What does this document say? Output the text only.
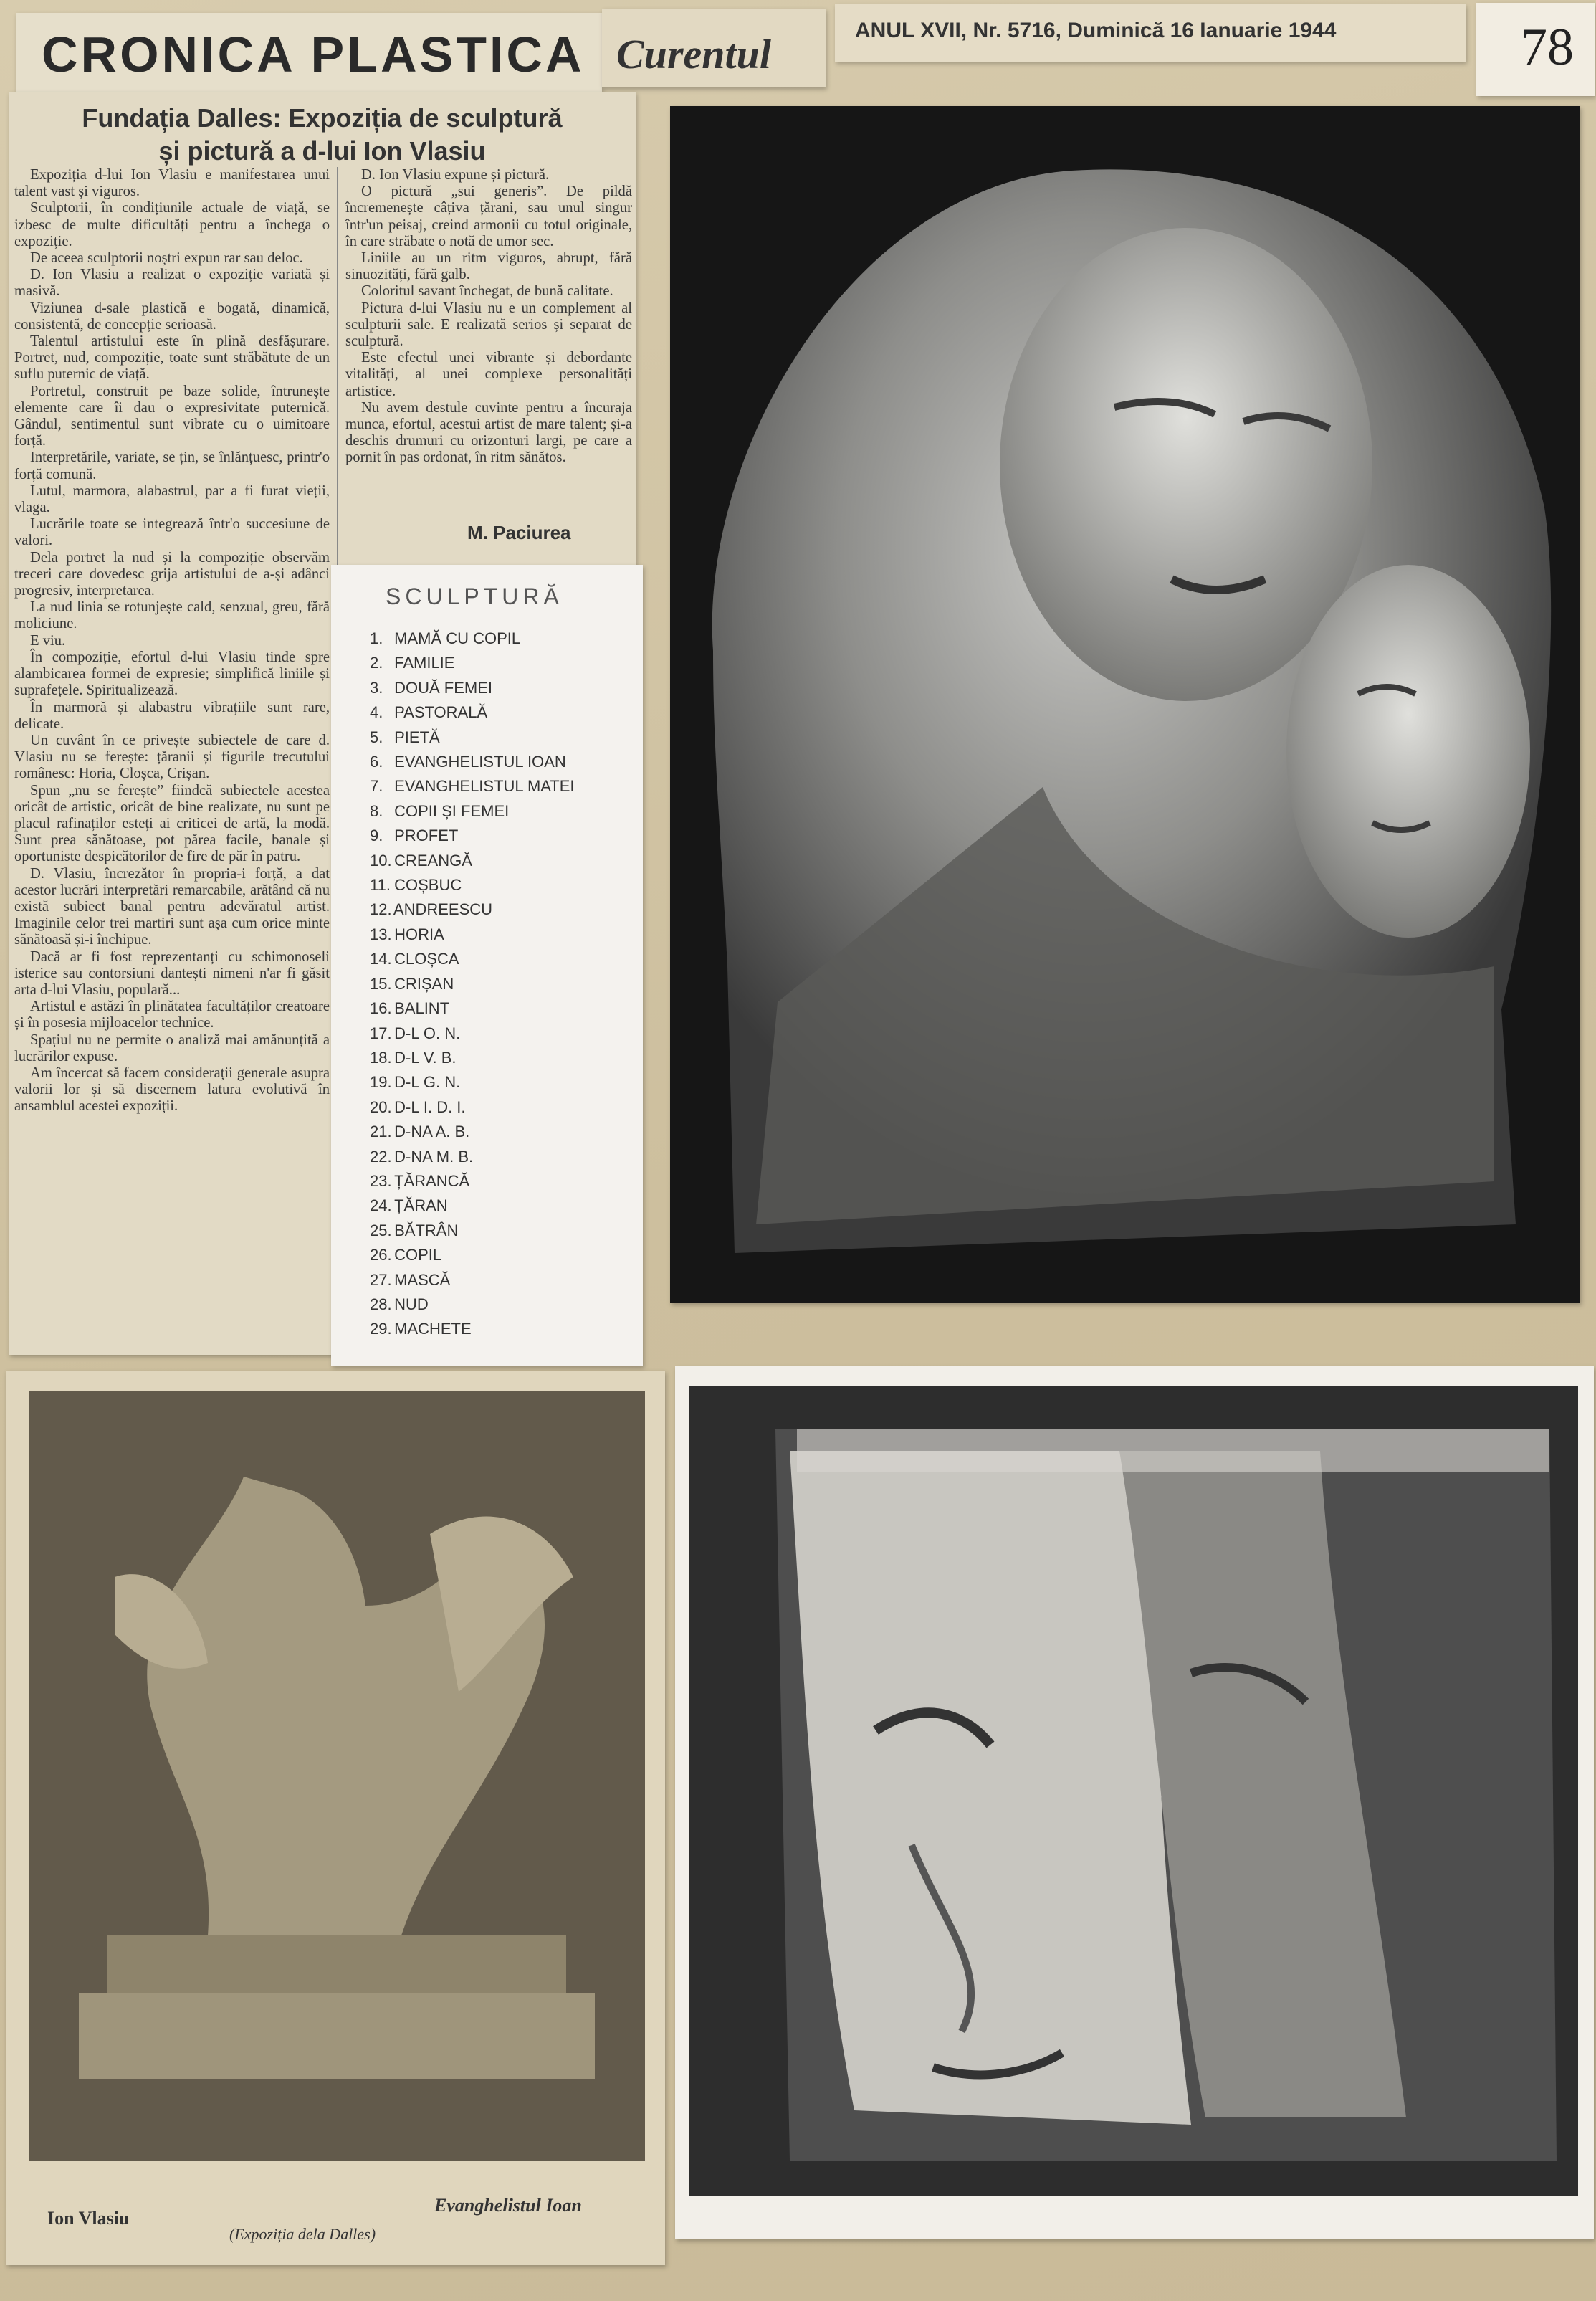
CRONICA PLASTICA Curentul
ANUL XVII, Nr. 5716, Duminică 16 Ianuarie 1944	78
Fundația Dalles: Expoziția de sculptură
și pictură a d-lui Ion Vlasiu

Expoziția d-lui Ion Vlasiu e manifestarea unui talent vast și viguros.

Sculptorii, în condițiunile actuale de viață, se izbesc de multe dificultăți pentru a închega o expoziție.

De aceea sculptorii noștri expun rar sau deloc.

D. Ion Vlasiu a realizat o expoziție variată și masivă.

Viziunea d-sale plastică e bogată, dinamică, consistentă, de concepție serioasă.

Talentul artistului este în plină desfășurare. Portret, nud, compoziție, toate sunt străbătute de un suflu puternic de viață.

Portretul, construit pe baze solide, întrunește elemente care îi dau o expresivitate puternică. Gândul, sentimentul sunt vibrate cu o uimitoare forță.

Interpretările, variate, se țin, se înlănțuesc, printr'o forță comună.

Lutul, marmora, alabastrul, par a fi furat vieții, vlaga.

Lucrările toate se integrează într'o succesiune de valori.

Dela portret la nud și la compoziție observăm treceri care dovedesc grija artistului de a-și adânci progresiv, interpretarea.

La nud linia se rotunjește cald, senzual, greu, fără moliciune.

E viu.

În compoziție, efortul d-lui Vlasiu tinde spre alambicarea formei de expresie; simplifică liniile și suprafețele. Spiritualizează.

În marmoră și alabastru vibrațiile sunt rare, delicate.

Un cuvânt în ce privește subiectele de care d. Vlasiu nu se ferește: țăranii și figurile trecutului românesc: Horia, Cloșca, Crișan.

Spun „nu se ferește” fiindcă subiectele acestea oricât de artistic, oricât de bine realizate, nu sunt pe placul rafinaților esteți ai criticei de artă, la modă. Sunt prea sănătoase, pot părea facile, banale și oportuniste despicătorilor de fire de păr în patru.

D. Vlasiu, încrezător în propria-i forță, a dat acestor lucrări interpretări remarcabile, arătând că nu există subiect banal pentru adevăratul artist. Imaginile celor trei martiri sunt așa cum orice minte sănătoasă și-i închipue.

Dacă ar fi fost reprezentanți cu schimonoseli isterice sau contorsiuni dantești nimeni n'ar fi găsit arta d-lui Vlasiu, populară...

Artistul e astăzi în plinătatea facultăților creatoare și în posesia mijloacelor technice.

Spațiul nu ne permite o analiză mai amănunțită a lucrărilor expuse.

Am încercat să facem considerații generale asupra valorii lor și să discernem latura evolutivă în ansamblul acestei expoziții.

D. Ion Vlasiu expune și pictură.

O pictură „sui generis”. De pildă încremenește câțiva țărani, sau unul singur într'un peisaj, creind armonii cu totul originale, în care străbate o notă de umor sec.

Liniile au un ritm viguros, abrupt, fără sinuozități, fără galb.

Coloritul savant închegat, de bună calitate.

Pictura d-lui Vlasiu nu e un complement al sculpturii sale. E realizată serios și separat de sculptură.

Este efectul unei vibrante și debordante vitalități, al unei complexe personalități artistice.

Nu avem destule cuvinte pentru a încuraja munca, efortul, acestui artist de mare talent; și-a deschis drumuri cu orizonturi largi, pe care a pornit în pas ordonat, în ritm sănătos.

M. Paciurea
SCULPTURĂ
1. MAMĂ CU COPIL
2. FAMILIE
3. DOUĂ FEMEI
4. PASTORALĂ
5. PIETĂ
6. EVANGHELISTUL IOAN
7. EVANGHELISTUL MATEI
8. COPII ȘI FEMEI
9. PROFET
10. CREANGĂ
11. COȘBUC
12. ANDREESCU
13. HORIA
14. CLOȘCA
15. CRIȘAN
16. BALINT
17. D-L O. N.
18. D-L V. B.
19. D-L G. N.
20. D-L I. D. I.
21. D-NA A. B.
22. D-NA M. B.
23. ȚĂRANCĂ
24. ȚĂRAN
25. BĂTRÂN
26. COPIL
27. MASCĂ
28. NUD
29. MACHETE
Ion Vlasiu
Evanghelistul Ioan
(Expoziția dela Dalles)
